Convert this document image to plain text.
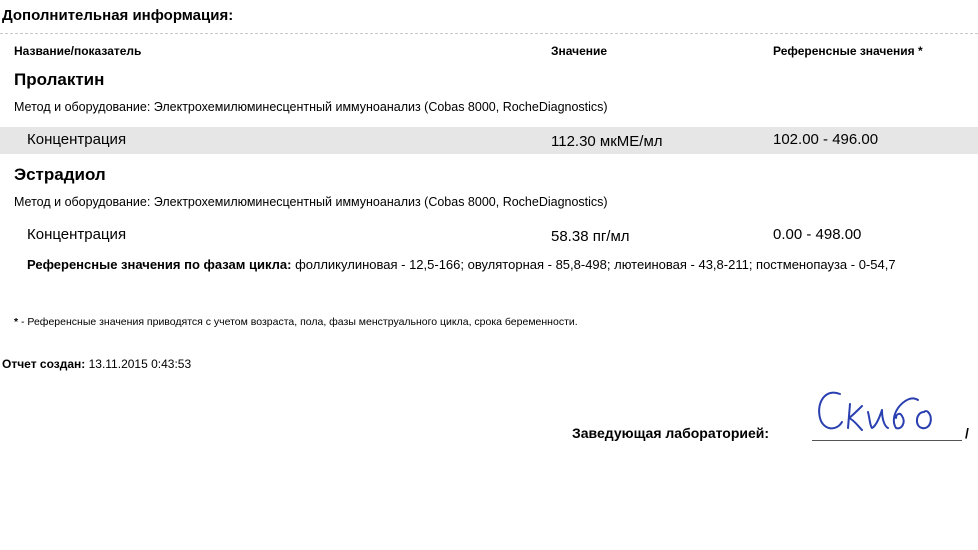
Дополнительная информация:
Название/показатель	Значение	Референсные значения *
Пролактин
Метод и оборудование: Электрохемилюминесцентный иммуноанализ (Cobas 8000, RocheDiagnostics)
Концентрация	112.30 мкМЕ/мл	102.00 - 496.00
Эстрадиол
Метод и оборудование: Электрохемилюминесцентный иммуноанализ (Cobas 8000, RocheDiagnostics)
Концентрация	58.38 пг/мл	0.00 - 498.00
Референсные значения по фазам цикла: фолликулиновая - 12,5-166; овуляторная - 85,8-498; лютеиновая - 43,8-211; постменопауза - 0-54,7
* - Референсные значения приводятся с учетом возраста, пола, фазы менструального цикла, срока беременности.
Отчет создан: 13.11.2015 0:43:53
Заведующая лабораторией:	/
